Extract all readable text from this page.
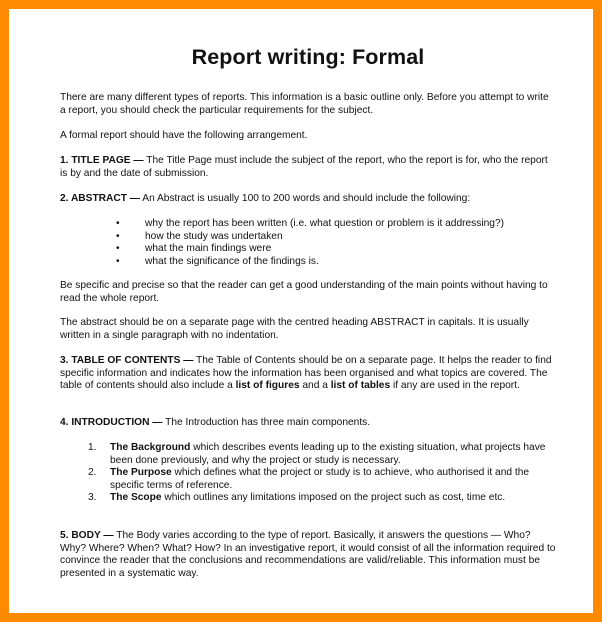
Report writing: Formal

There are many different types of reports. This information is a basic outline only. Before you attempt to write a report, you should check the particular requirements for the subject.

A formal report should have the following arrangement.

1. TITLE PAGE — The Title Page must include the subject of the report, who the report is for, who the report is by and the date of submission.

2. ABSTRACT — An Abstract is usually 100 to 200 words and should include the following:

• why the report has been written (i.e. what question or problem is it addressing?)
• how the study was undertaken
• what the main findings were
• what the significance of the findings is.

Be specific and precise so that the reader can get a good understanding of the main points without having to read the whole report.

The abstract should be on a separate page with the centred heading ABSTRACT in capitals. It is usually written in a single paragraph with no indentation.

3. TABLE OF CONTENTS — The Table of Contents should be on a separate page. It helps the reader to find specific information and indicates how the information has been organised and what topics are covered. The table of contents should also include a list of figures and a list of tables if any are used in the report.

4. INTRODUCTION — The Introduction has three main components.

1. The Background which describes events leading up to the existing situation, what projects have been done previously, and why the project or study is necessary.
2. The Purpose which defines what the project or study is to achieve, who authorised it and the specific terms of reference.
3. The Scope which outlines any limitations imposed on the project such as cost, time etc.

5. BODY — The Body varies according to the type of report. Basically, it answers the questions — Who? Why? Where? When? What? How? In an investigative report, it would consist of all the information required to convince the reader that the conclusions and recommendations are valid/reliable. This information must be presented in a systematic way.
